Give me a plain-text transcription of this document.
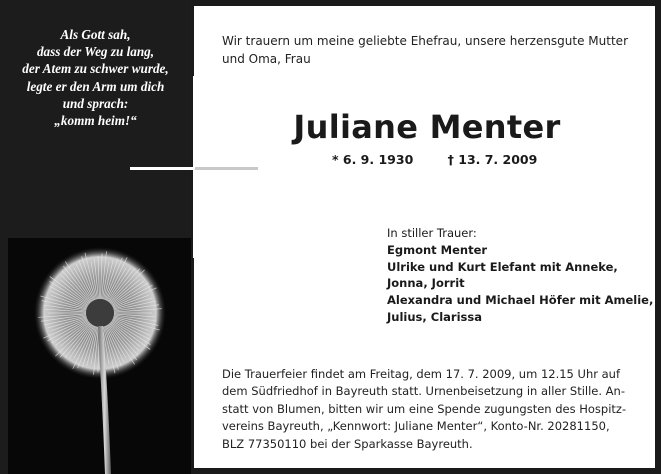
Als Gott sah,
dass der Weg zu lang,
der Atem zu schwer wurde,
legte er den Arm um dich
und sprach:
„komm heim!“
Wir trauern um meine geliebte Ehefrau, unsere herzensgute Mutter
und Oma, Frau
Juliane Menter
* 6. 9. 1930	† 13. 7. 2009
In stiller Trauer:
Egmont Menter
Ulrike und Kurt Elefant mit Anneke,
Jonna, Jorrit
Alexandra und Michael Höfer mit Amelie,
Julius, Clarissa
Die Trauerfeier findet am Freitag, dem 17. 7. 2009, um 12.15 Uhr auf
dem Südfriedhof in Bayreuth statt. Urnenbeisetzung in aller Stille. An-
statt von Blumen, bitten wir um eine Spende zugungsten des Hospitz-
vereins Bayreuth, „Kennwort: Juliane Menter“, Konto-Nr. 20281150,
BLZ 77350110 bei der Sparkasse Bayreuth.
